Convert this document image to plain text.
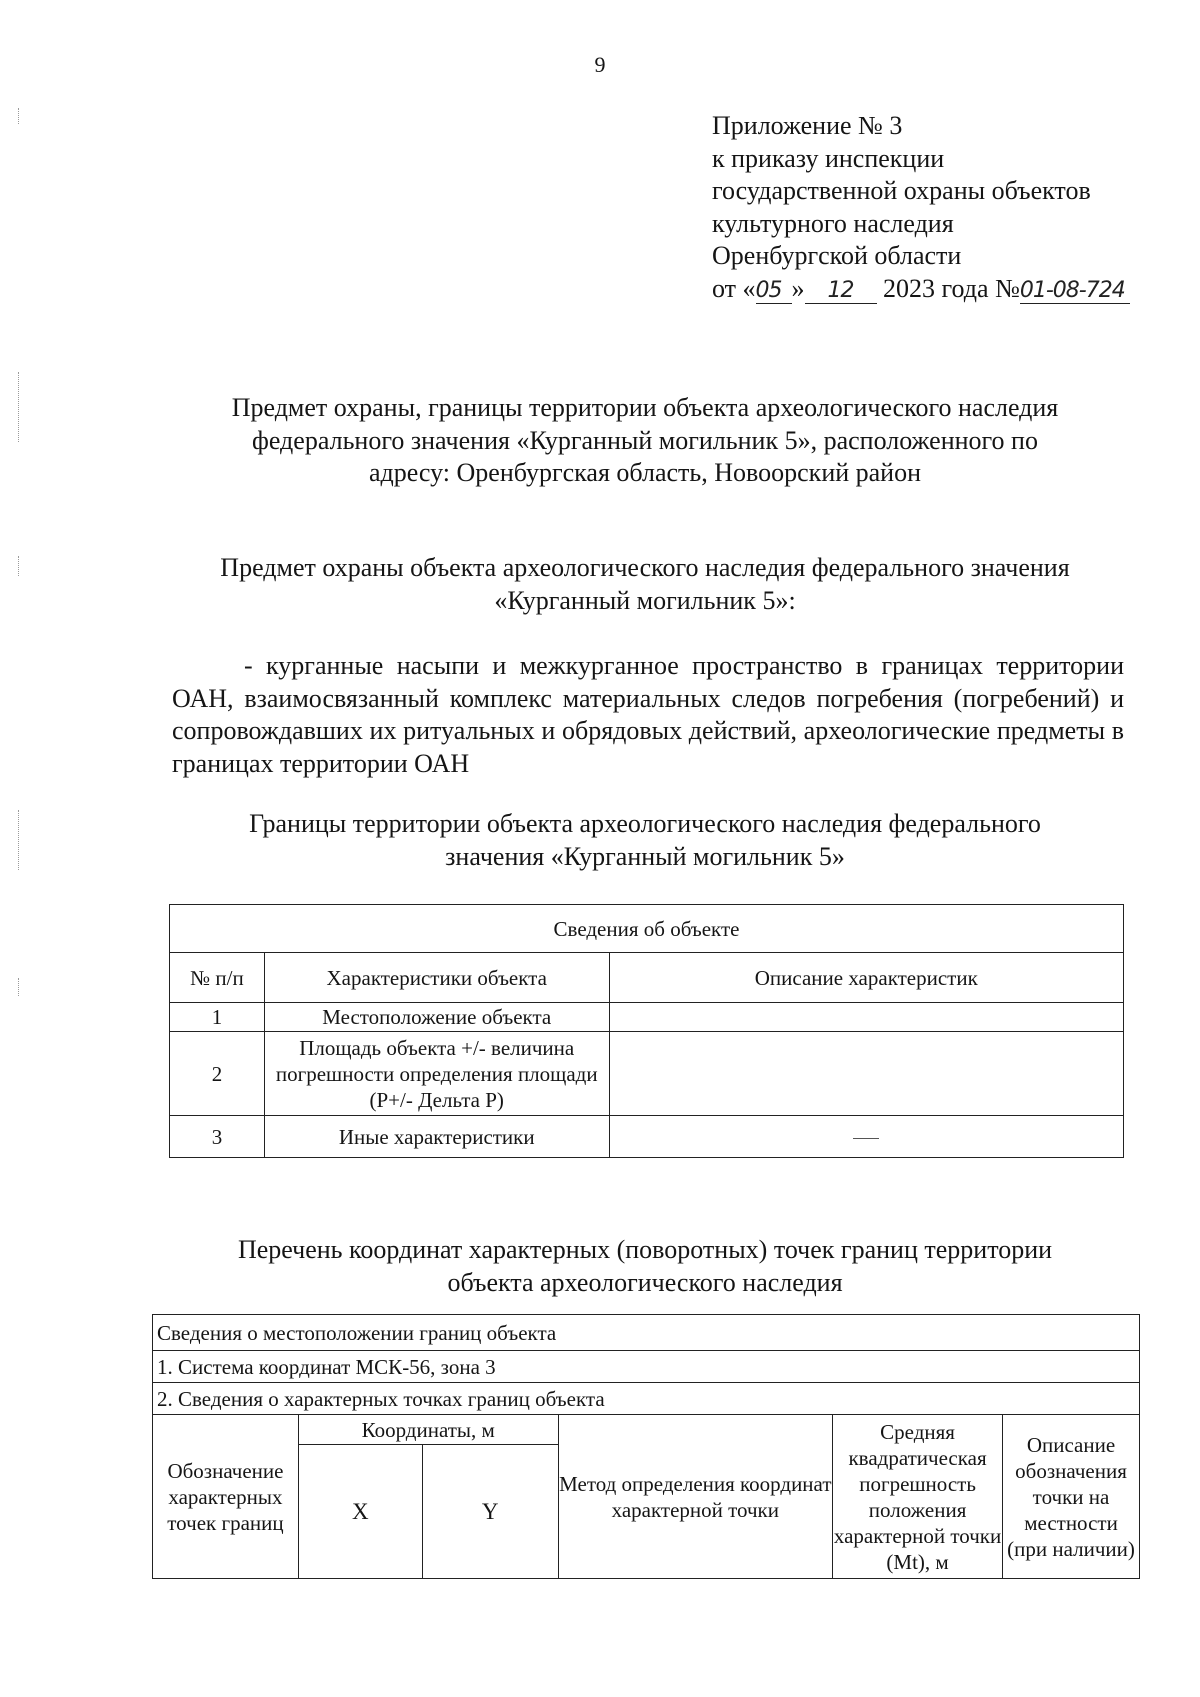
9
Приложение № 3
к приказу инспекции
государственной охраны объектов
культурного наследия
Оренбургской области
от «05 » 12 2023 года №01-08-724
Предмет охраны, границы территории объекта археологического наследия
федерального значения «Курганный могильник 5», расположенного по
адресу: Оренбургская область, Новоорский район
Предмет охраны объекта археологического наследия федерального значения
«Курганный могильник 5»:
- курганные насыпи и межкурганное пространство в границах территории ОАН, взаимосвязанный комплекс материальных следов погребения (погребений) и сопровождавших их ритуальных и обрядовых действий, археологические предметы в границах территории ОАН
Границы территории объекта археологического наследия федерального
значения «Курганный могильник 5»
Сведения об объекте		
№ п/п	Характеристики объекта	Описание характеристик
1	Местоположение объекта	
2	Площадь объекта +/- величина погрешности определения площади (P+/- Дельта P)	
3	Иные характеристики	
Перечень координат характерных (поворотных) точек границ территории
объекта археологического наследия
Сведения о местоположении границ объекта					
1. Система координат МСК-56, зона 3					
2. Сведения о характерных точках границ объекта					
Обозначение характерных точек границ	Координаты, м		Метод определения координат характерной точки	Средняя квадратическая погрешность положения характерной точки (Mt), м	Описание обозначения точки на местности (при наличии)
	X	Y			
